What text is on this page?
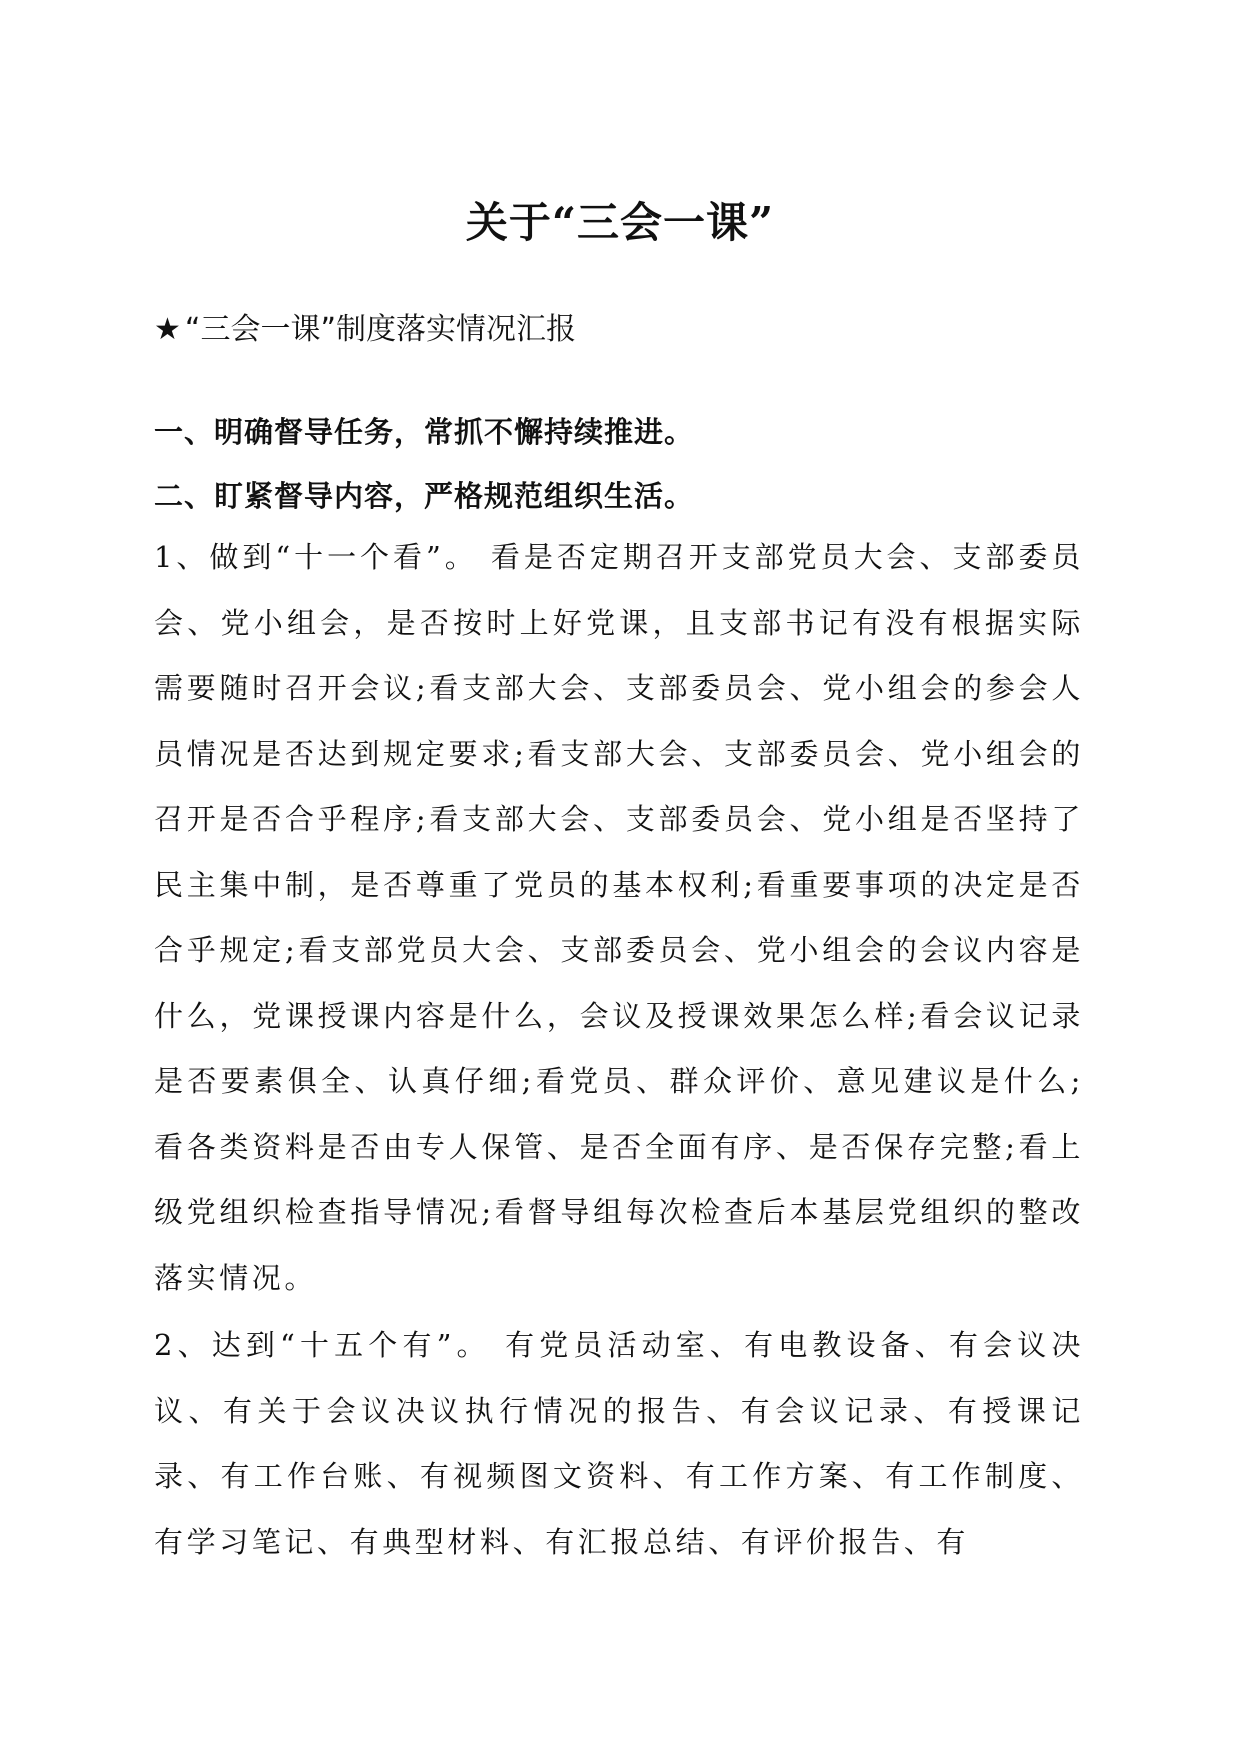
关于“三会一课”

★ “三会一课”制度落实情况汇报

一、明确督导任务，常抓不懈持续推进。
二、盯紧督导内容，严格规范组织生活。

1、做到“十一个看”。 看是否定期召开支部党员大会、支部委员会、党小组会，是否按时上好党课，且支部书记有没有根据实际需要随时召开会议;看支部大会、支部委员会、党小组会的参会人员情况是否达到规定要求;看支部大会、支部委员会、党小组会的召开是否合乎程序;看支部大会、支部委员会、党小组是否坚持了民主集中制，是否尊重了党员的基本权利;看重要事项的决定是否合乎规定;看支部党员大会、支部委员会、党小组会的会议内容是什么，党课授课内容是什么，会议及授课效果怎么样;看会议记录是否要素俱全、认真仔细;看党员、群众评价、意见建议是什么;看各类资料是否由专人保管、是否全面有序、是否保存完整;看上级党组织检查指导情况;看督导组每次检查后本基层党组织的整改落实情况。

2、达到“十五个有”。 有党员活动室、有电教设备、有会议决议、有关于会议决议执行情况的报告、有会议记录、有授课记录、有工作台账、有视频图文资料、有工作方案、有工作制度、有学习笔记、有典型材料、有汇报总结、有评价报告、有
